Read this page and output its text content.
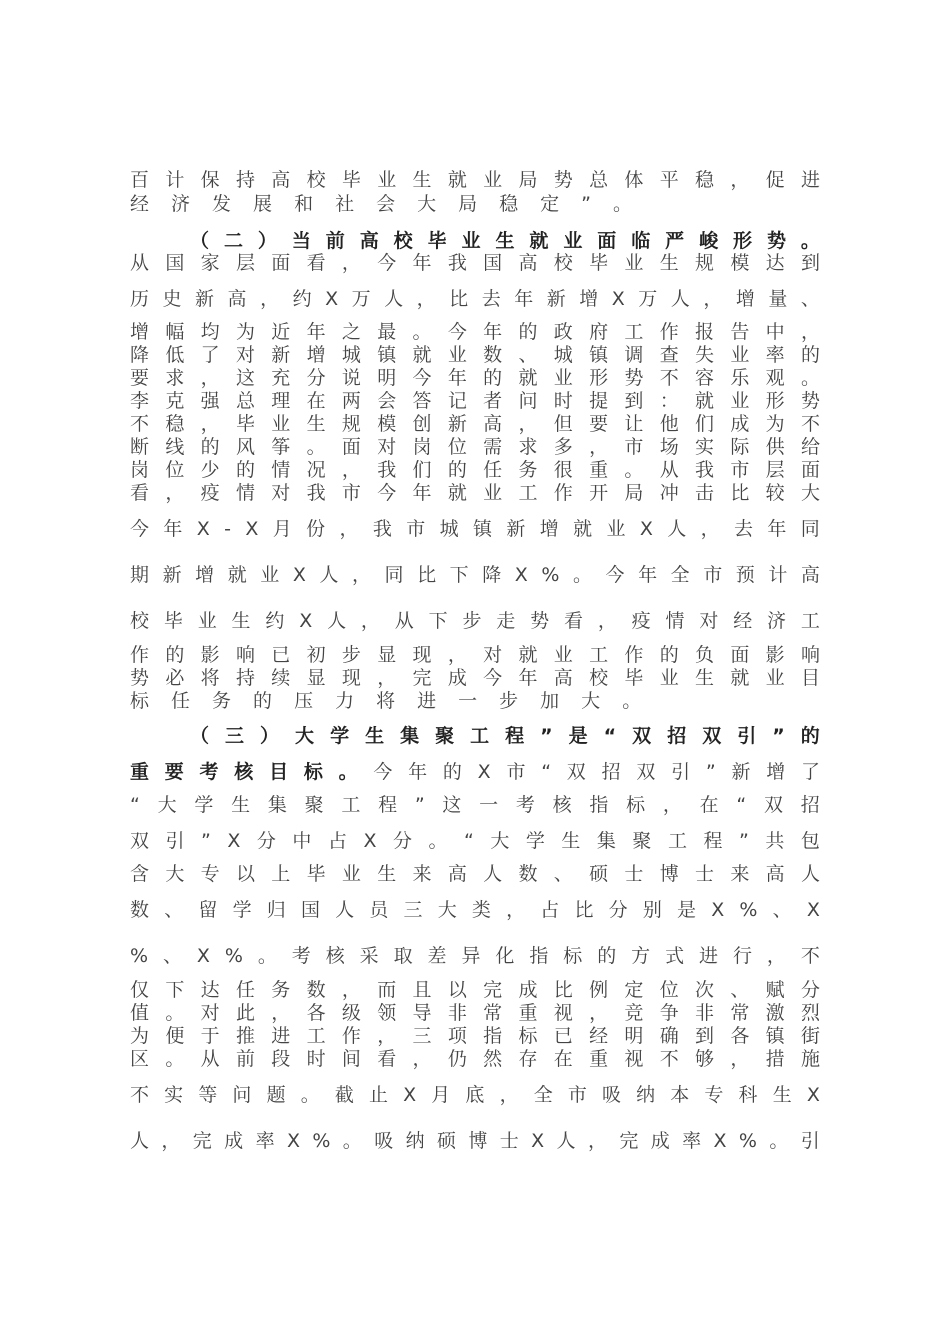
百 计 保 持 高 校 毕 业 生 就 业 局 势 总 体 平 稳 ， 促 进
经 济 发 展 和 社 会 大 局 稳 定 ” 。
（ 二 ） 当 前 高 校 毕 业 生 就 业 面 临 严 峻 形 势 。
从 国 家 层 面 看 ， 今 年 我 国 高 校 毕 业 生 规 模 达 到
历 史 新 高 ， 约 X 万 人 ， 比 去 年 新 增 X 万 人 ， 增 量 、
增 幅 均 为 近 年 之 最 。 今 年 的 政 府 工 作 报 告 中 ，
降 低 了 对 新 增 城 镇 就 业 数 、 城 镇 调 查 失 业 率 的
要 求 ， 这 充 分 说 明 今 年 的 就 业 形 势 不 容 乐 观 。
李 克 强 总 理 在 两 会 答 记 者 问 时 提 到 ： 就 业 形 势
不 稳 ， 毕 业 生 规 模 创 新 高 ， 但 要 让 他 们 成 为 不
断 线 的 风 筝 。 面 对 岗 位 需 求 多 ， 市 场 实 际 供 给
岗 位 少 的 情 况 ， 我 们 的 任 务 很 重 。 从 我 市 层 面
看 ， 疫 情 对 我 市 今 年 就 业 工 作 开 局 冲 击 比 较 大
今 年 X - X 月 份 ， 我 市 城 镇 新 增 就 业 X 人 ， 去 年 同
期 新 增 就 业 X 人 ， 同 比 下 降 X % 。 今 年 全 市 预 计 高
校 毕 业 生 约 X 人 ， 从 下 步 走 势 看 ， 疫 情 对 经 济 工
作 的 影 响 已 初 步 显 现 ， 对 就 业 工 作 的 负 面 影 响
势 必 将 持 续 显 现 ， 完 成 今 年 高 校 毕 业 生 就 业 目
标 任 务 的 压 力 将 进 一 步 加 大 。
（ 三 ） 大 学 生 集 聚 工 程 ” 是 “ 双 招 双 引 ” 的
重 要 考 核 目 标 。 今 年 的 X 市 “ 双 招 双 引 ” 新 增 了
“ 大 学 生 集 聚 工 程 ” 这 一 考 核 指 标 ， 在 “ 双 招
双 引 ” X 分 中 占 X 分 。 “ 大 学 生 集 聚 工 程 ” 共 包
含 大 专 以 上 毕 业 生 来 高 人 数 、 硕 士 博 士 来 高 人
数 、 留 学 归 国 人 员 三 大 类 ， 占 比 分 别 是 X % 、 X
% 、 X % 。 考 核 采 取 差 异 化 指 标 的 方 式 进 行 ， 不
仅 下 达 任 务 数 ， 而 且 以 完 成 比 例 定 位 次 、 赋 分
值 。 对 此 ， 各 级 领 导 非 常 重 视 ， 竞 争 非 常 激 烈
为 便 于 推 进 工 作 ， 三 项 指 标 已 经 明 确 到 各 镇 街
区 。 从 前 段 时 间 看 ， 仍 然 存 在 重 视 不 够 ， 措 施
不 实 等 问 题 。 截 止 X 月 底 ， 全 市 吸 纳 本 专 科 生 X
人 ， 完 成 率 X % 。 吸 纳 硕 博 士 X 人 ， 完 成 率 X % 。 引
